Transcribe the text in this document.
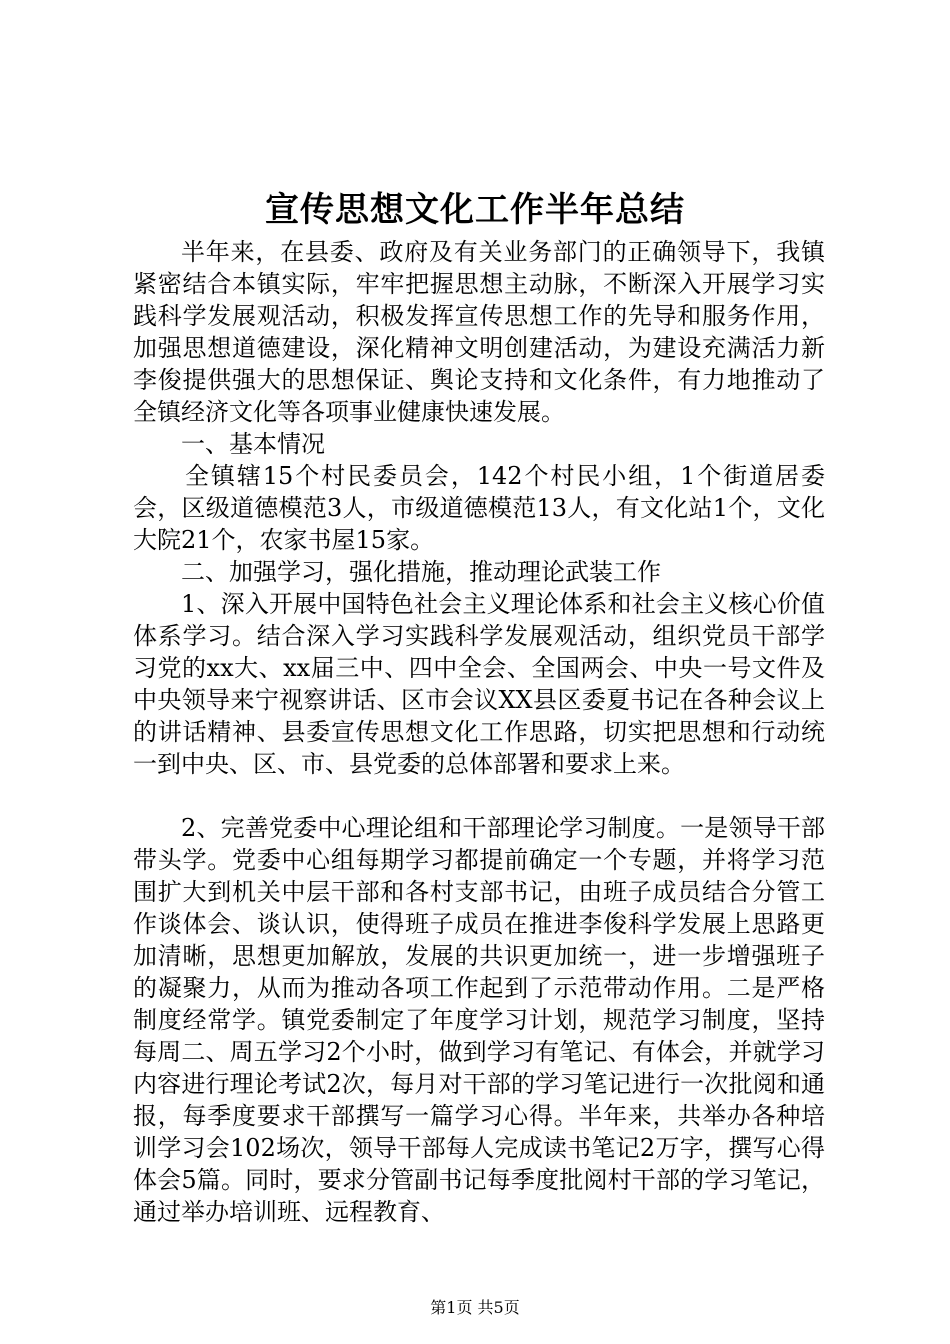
宣传思想文化工作半年总结

半年来，在县委、政府及有关业务部门的正确领导下，我镇紧密结合本镇实际，牢牢把握思想主动脉，不断深入开展学习实践科学发展观活动，积极发挥宣传思想工作的先导和服务作用，加强思想道德建设，深化精神文明创建活动，为建设充满活力新李俊提供强大的思想保证、舆论支持和文化条件，有力地推动了全镇经济文化等各项事业健康快速发展。

一、基本情况

全镇辖15个村民委员会，142个村民小组，1个街道居委会，区级道德模范3人，市级道德模范13人，有文化站1个，文化大院21个，农家书屋15家。

二、加强学习，强化措施，推动理论武装工作

1、深入开展中国特色社会主义理论体系和社会主义核心价值体系学习。结合深入学习实践科学发展观活动，组织党员干部学习党的xx大、xx届三中、四中全会、全国两会、中央一号文件及中央领导来宁视察讲话、区市会议XX县区委夏书记在各种会议上的讲话精神、县委宣传思想文化工作思路，切实把思想和行动统一到中央、区、市、县党委的总体部署和要求上来。

2、完善党委中心理论组和干部理论学习制度。一是领导干部带头学。党委中心组每期学习都提前确定一个专题，并将学习范围扩大到机关中层干部和各村支部书记，由班子成员结合分管工作谈体会、谈认识，使得班子成员在推进李俊科学发展上思路更加清晰，思想更加解放，发展的共识更加统一，进一步增强班子的凝聚力，从而为推动各项工作起到了示范带动作用。二是严格制度经常学。镇党委制定了年度学习计划，规范学习制度，坚持每周二、周五学习2个小时，做到学习有笔记、有体会，并就学习内容进行理论考试2次，每月对干部的学习笔记进行一次批阅和通报，每季度要求干部撰写一篇学习心得。半年来，共举办各种培训学习会102场次，领导干部每人完成读书笔记2万字，撰写心得体会5篇。同时，要求分管副书记每季度批阅村干部的学习笔记，通过举办培训班、远程教育、

第1页 共5页
